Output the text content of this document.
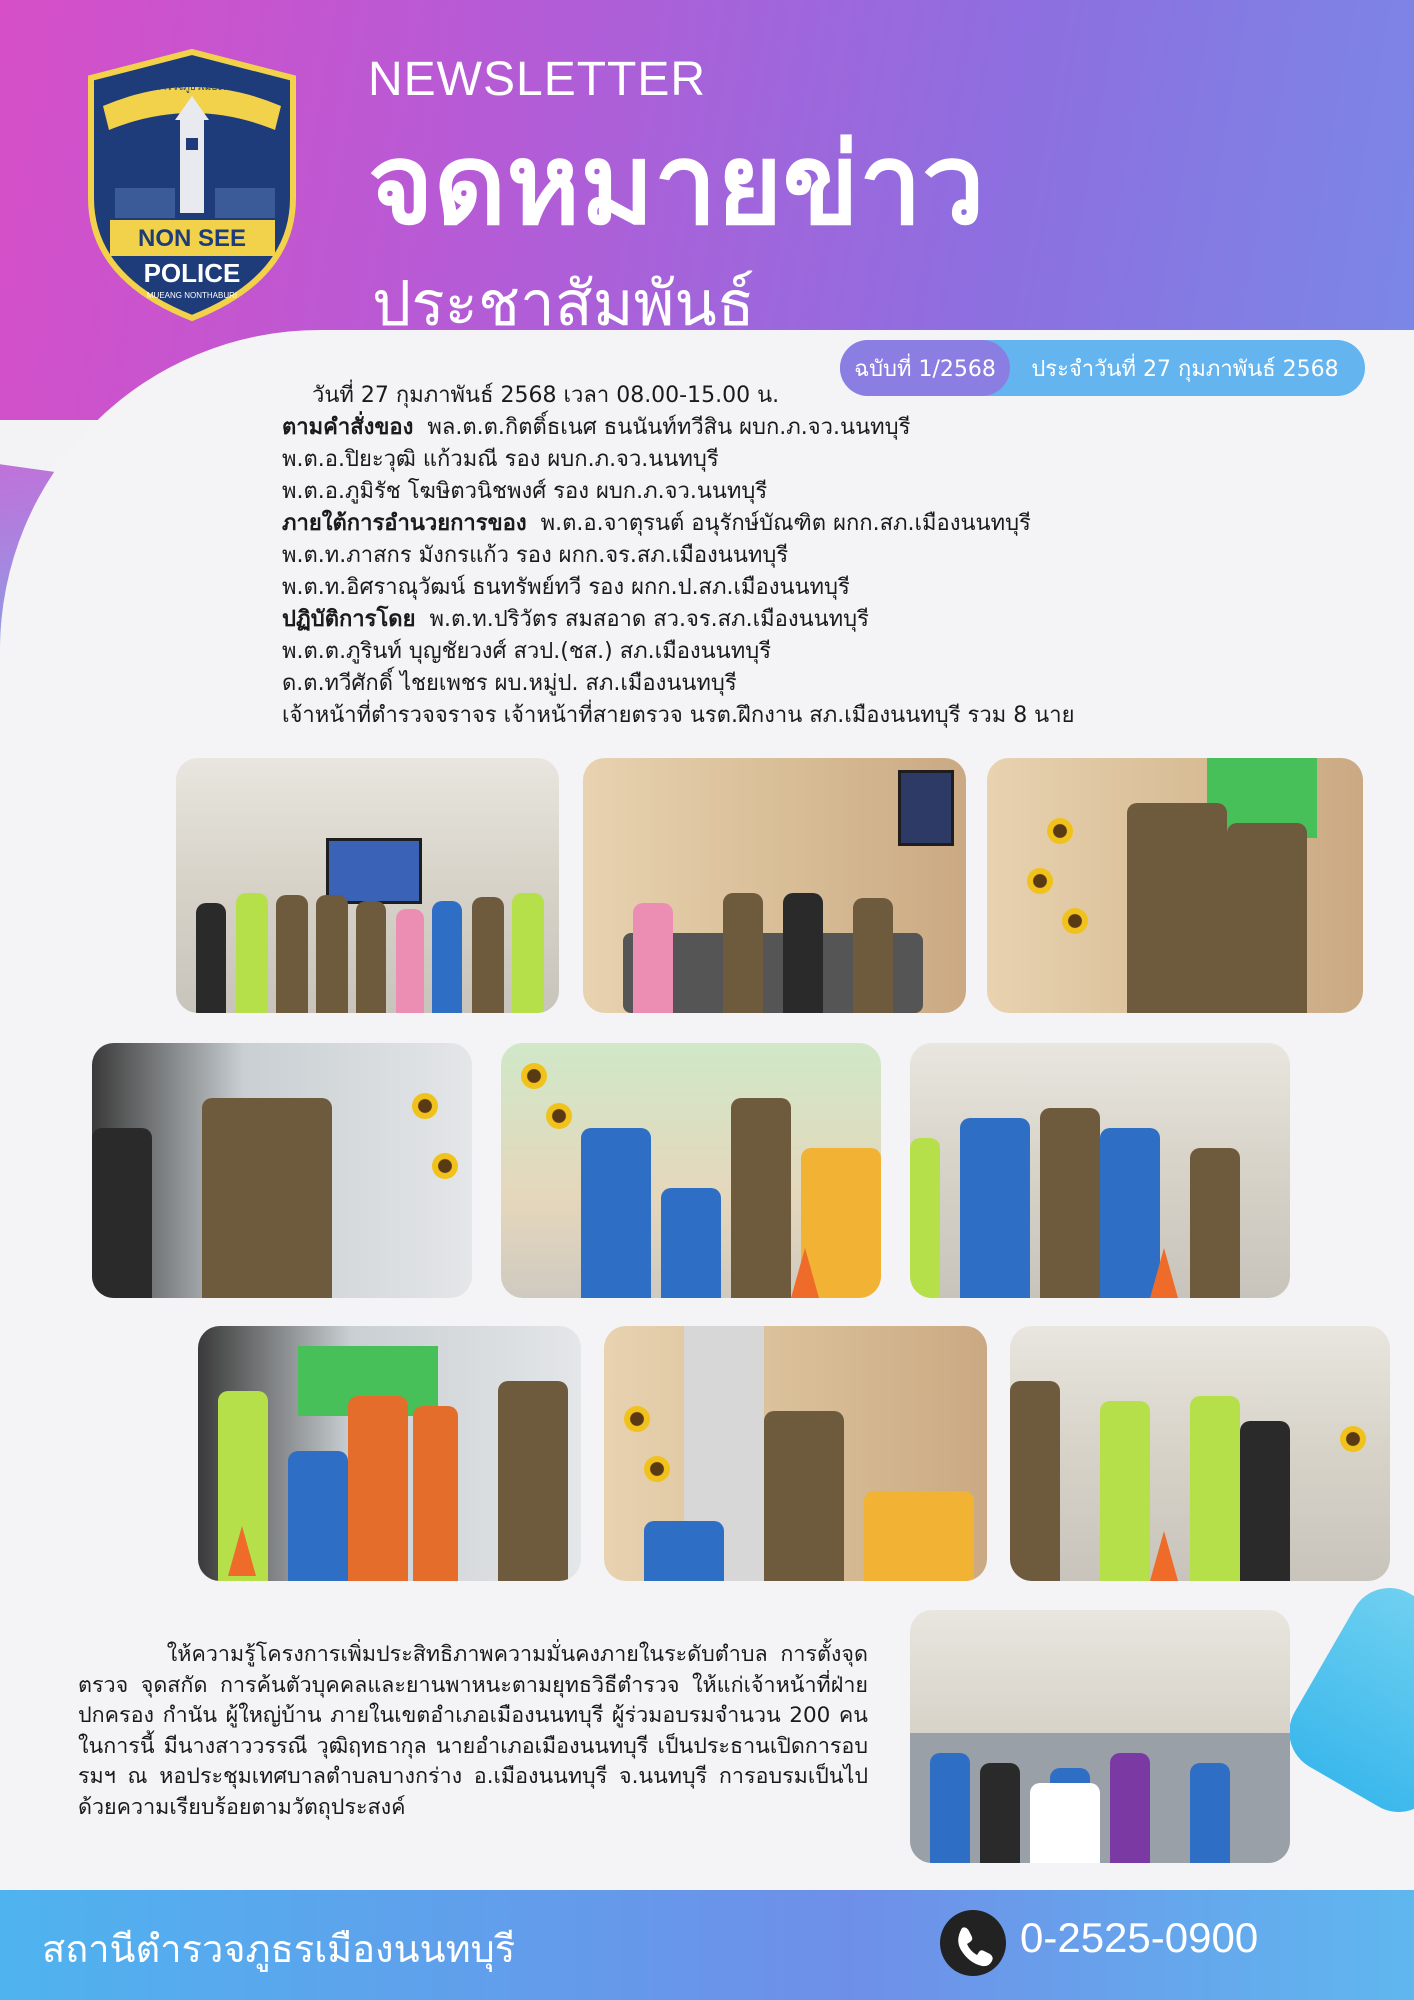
สถานีตำรวจภูธรเมืองนนทบุรี
NON SEE
POLICE
MUEANG NONTHABURI
NEWSLETTER
จดหมายข่าว
ประชาสัมพันธ์
ฉบับที่ 1/2568	ประจำวันที่ 27 กุมภาพันธ์ 2568
วันที่ 27 กุมภาพันธ์ 2568 เวลา 08.00-15.00 น.
ตามคำสั่งของ พล.ต.ต.กิตติ์ธเนศ ธนนันท์ทวีสิน ผบก.ภ.จว.นนทบุรี
พ.ต.อ.ปิยะวุฒิ แก้วมณี รอง ผบก.ภ.จว.นนทบุรี
พ.ต.อ.ภูมิรัช โฆษิตวนิชพงศ์ รอง ผบก.ภ.จว.นนทบุรี
ภายใต้การอำนวยการของ พ.ต.อ.จาตุรนต์ อนุรักษ์บัณฑิต ผกก.สภ.เมืองนนทบุรี
พ.ต.ท.ภาสกร มังกรแก้ว รอง ผกก.จร.สภ.เมืองนนทบุรี
พ.ต.ท.อิศราณุวัฒน์ ธนทรัพย์ทวี รอง ผกก.ป.สภ.เมืองนนทบุรี
ปฏิบัติการโดย พ.ต.ท.ปริวัตร สมสอาด สว.จร.สภ.เมืองนนทบุรี
พ.ต.ต.ภูรินท์ บุญชัยวงศ์ สวป.(ชส.) สภ.เมืองนนทบุรี
ด.ต.ทวีศักดิ์ ไชยเพชร ผบ.หมู่ป. สภ.เมืองนนทบุรี
เจ้าหน้าที่ตำรวจจราจร เจ้าหน้าที่สายตรวจ นรต.ฝึกงาน สภ.เมืองนนทบุรี รวม 8 นาย
ให้ความรู้โครงการเพิ่มประสิทธิภาพความมั่นคงภายในระดับตำบล การตั้งจุดตรวจ จุดสกัด การค้นตัวบุคคลและยานพาหนะตามยุทธวิธีตำรวจ ให้แก่เจ้าหน้าที่ฝ่ายปกครอง กำนัน ผู้ใหญ่บ้าน ภายในเขตอำเภอเมืองนนทบุรี ผู้ร่วมอบรมจำนวน 200 คน ในการนี้ มีนางสาววรรณี วุฒิฤทธากุล นายอำเภอเมืองนนทบุรี เป็นประธานเปิดการอบรมฯ ณ หอประชุมเทศบาลตำบลบางกร่าง อ.เมืองนนทบุรี จ.นนทบุรี การอบรมเป็นไปด้วยความเรียบร้อยตามวัตถุประสงค์
สถานีตำรวจภูธรเมืองนนทบุรี	0-2525-0900
